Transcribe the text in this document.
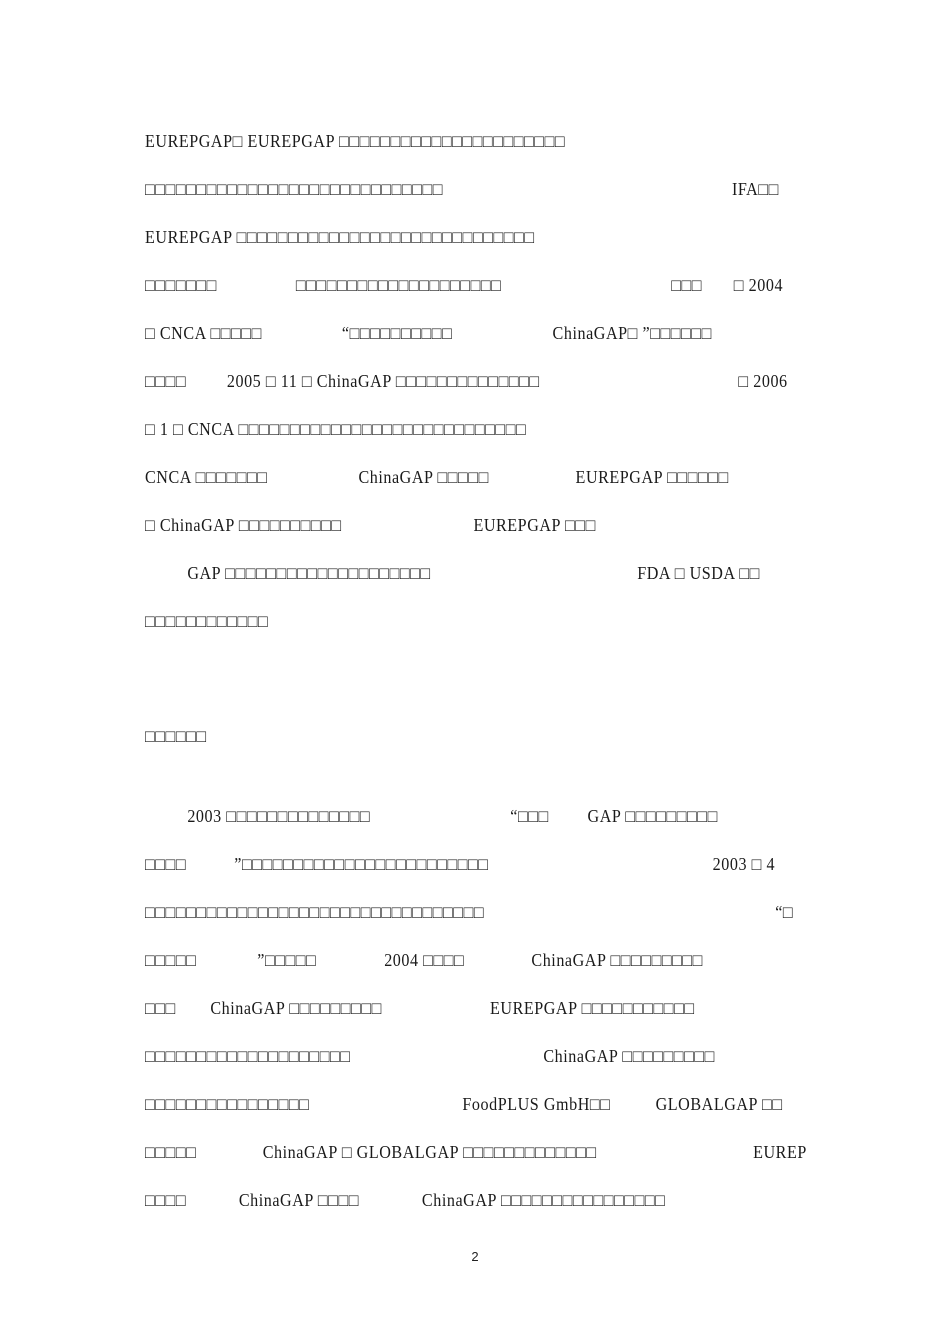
EUREPGAP□ EUREPGAP □□□□□□□□□□□□□□□□□□□□□□
□□□□□□□□□□□□□□□□□□□□□□□□□□□□□	IFA□□
EUREPGAP □□□□□□□□□□□□□□□□□□□□□□□□□□□□□
□□□□□□□	□□□□□□□□□□□□□□□□□□□□	□□□ □ 2004
□ CNCA □□□□□	“□□□□□□□□□□	ChinaGAP□ ”□□□□□□
□□□□ 2005 □ 11 □ ChinaGAP □□□□□□□□□□□□□□	□ 2006
□ 1 □ CNCA □□□□□□□□□□□□□□□□□□□□□□□□□□□□
CNCA □□□□□□□	ChinaGAP □□□□□	EUREPGAP □□□□□□
□ ChinaGAP □□□□□□□□□□	EUREPGAP □□□
GAP □□□□□□□□□□□□□□□□□□□□	FDA □ USDA □□
□□□□□□□□□□□□
□□□□□□
2003 □□□□□□□□□□□□□□	“□□□ GAP □□□□□□□□□
□□□□	”□□□□□□□□□□□□□□□□□□□□□□□□	2003 □ 4
□□□□□□□□□□□□□□□□□□□□□□□□□□□□□□□□□	“□
□□□□□	”□□□□□	2004 □□□□	ChinaGAP □□□□□□□□□
□□□ ChinaGAP □□□□□□□□□	EUREPGAP □□□□□□□□□□□
□□□□□□□□□□□□□□□□□□□□	ChinaGAP □□□□□□□□□
□□□□□□□□□□□□□□□□	FoodPLUS GmbH□□	GLOBALGAP □□
□□□□□	ChinaGAP □ GLOBALGAP □□□□□□□□□□□□□	EUREP
□□□□	ChinaGAP □□□□	ChinaGAP □□□□□□□□□□□□□□□□
2
